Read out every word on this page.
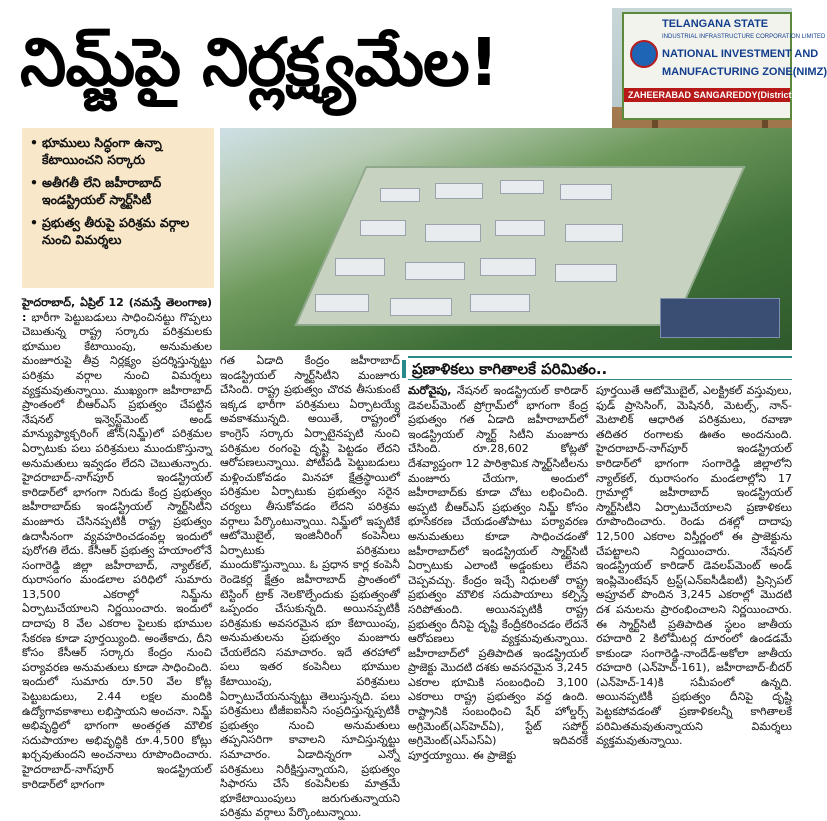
నిమ్జ్‌పై నిర్లక్ష్యమేల!	TELANGANA STATE
INDUSTRIAL INFRASTRUCTURE CORPORATION LIMITED
NATIONAL INVESTMENT AND
MANUFACTURING ZONE(NIMZ)
ZAHEERABAD SANGAREDDY(District)
• భూములు సిద్ధంగా ఉన్నా కేటాయించని సర్కారు
• అతీగతీ లేని జహీరాబాద్ ఇండస్ట్రియల్ స్మార్ట్‌సిటీ
• ప్రభుత్వ తీరుపై పరిశ్రమ వర్గాల నుంచి విమర్శలు
హైదరాబాద్, ఏప్రిల్ 12 (నమస్తే తెలంగాణ) : భారీగా పెట్టుబడులు సాధించినట్టు గొప్పలు చెబుతున్న రాష్ట్ర సర్కారు పరిశ్రమలకు భూముల కేటాయింపు, అనుమతుల మంజూరుపై తీవ్ర నిర్లక్ష్యం ప్రదర్శిస్తున్నట్టు పరిశ్రమ వర్గాల నుంచి విమర్శలు వ్యక్తమవుతున్నాయి. ముఖ్యంగా జహీరాబాద్ ప్రాంతంలో బీఆర్‌ఎస్ ప్రభుత్వం చేపట్టిన నేషనల్ ఇన్వెస్ట్‌మెంట్ అండ్ మాన్యుఫ్యాక్చరింగ్ జోన్(నిమ్జ్)లో పరిశ్రమల ఏర్పాటుకు పలు పరిశ్రమలు ముందుకొస్తున్నా అనుమతులు ఇవ్వడం లేదని చెబుతున్నారు. హైదరాబాద్-నాగ్‌పూర్ ఇండస్ట్రియల్ కారిడార్‌లో భాగంగా నిరుడు కేంద్ర ప్రభుత్వం జహీరాబాద్‌కు ఇండస్ట్రియల్ స్మార్ట్‌సిటీని మంజూరు చేసినప్పటికీ రాష్ట్ర ప్రభుత్వం ఉదాసీనంగా వ్యవహరించడంవల్ల ఇందులో పురోగతి లేదు. కేసీఆర్ ప్రభుత్వ హయాంలోనే సంగారెడ్డి జిల్లా జహీరాబాద్, న్యాల్‌కల్, ఝరాసంగం మండలాల పరిధిలో సుమారు 13,500 ఎకరాల్లో నిమ్జ్‌ను ఏర్పాటుచేయాలని నిర్ణయించారు. ఇందులో దాదాపు 8 వేల ఎకరాల పైలుకు భూముల సేకరణ కూడా పూర్తయ్యింది. అంతేకాదు, దీని కోసం కేసీఆర్ సర్కారు కేంద్రం నుంచి పర్యావరణ అనుమతులు కూడా సాధించింది. ఇందులో సుమారు రూ.50 వేల కోట్ల పెట్టుబడులు, 2.44 లక్షల మందికి ఉద్యోగావకాశాలు లభిస్తాయని అంచనా. నిమ్జ్ అభివృద్ధిలో భాగంగా అంతర్గత మౌలిక సదుపాయాల అభివృద్ధికి రూ.4,500 కోట్లు ఖర్చవుతుందని అంచనాలు రూపొందించారు. హైదరాబాద్-నాగ్‌పూర్ ఇండస్ట్రియల్ కారిడార్‌లో భాగంగా
గత ఏడాది కేంద్రం జహీరాబాద్ ఇండస్ట్రియల్ స్మార్ట్‌సిటీని మంజూరు చేసింది. రాష్ట్ర ప్రభుత్వం చొరవ తీసుకుంటే ఇక్కడ భారీగా పరిశ్రమలు ఏర్పాటయ్యే అవకాశమున్నది. అయితే, రాష్ట్రంలో కాంగ్రెస్ సర్కారు ఏర్పాటైనప్పటి నుంచి పరిశ్రమల రంగంపై దృష్టి పెట్టడం లేదని ఆరోపణలున్నాయి. పోటీపడి పెట్టుబడులు మళ్లించుకోవడం మినహా క్షేత్రస్థాయిలో పరిశ్రమల ఏర్పాటుకు ప్రభుత్వం సరైన చర్యలు తీసుకోవడం లేదని పరిశ్రమ వర్గాలు పేర్కొంటున్నాయి. నిమ్జ్‌లో ఇప్పటికే ఆటోమొబైల్, ఇంజినీరింగ్ కంపెనీలు ఏర్పాటుకు పరిశ్రమలు ముందుకొస్తున్నాయి. ఓ ప్రధాన కార్ల కంపెనీ రెండెకర్ల క్షేత్రం జహీరాబాద్ ప్రాంతంలో టెస్టింగ్ ట్రాక్ నెలకొల్పేందుకు ప్రభుత్వంతో ఒప్పందం చేసుకున్నది. అయినప్పటికీ పరిశ్రమకు అవసరమైన భూ కేటాయింపు, అనుమతులను ప్రభుత్వం మంజూరు చేయలేదని సమాచారం. ఇదే తరహాలో పలు ఇతర కంపెనీలు భూముల కేటాయింపు, పరిశ్రమలు ఏర్పాటుచేయనున్నట్టు తెలుస్తున్నది. పలు పరిశ్రమలు టీజీఐఐసీని సంప్రదిస్తున్నప్పటికీ ప్రభుత్వం నుంచి అనుమతులు తప్పనిసరిగా కావాలని సూచిస్తున్నట్టు సమాచారం. ఏడాదిన్నరగా ఎన్నో పరిశ్రమలు నిరీక్షిస్తున్నాయని, ప్రభుత్వం సిఫారసు చేసే కంపెనీలకు మాత్రమే భూకేటాయింపులు జరుగుతున్నాయని పరిశ్రమ వర్గాలు పేర్కొంటున్నాయి.
ప్రణాళికలు కాగితాలకే పరిమితం..
మరోవైపు, నేషనల్ ఇండస్ట్రియల్ కారిడార్ డెవలప్‌మెంట్ ప్రోగ్రామ్‌లో భాగంగా కేంద్ర ప్రభుత్వం గత ఏడాది జహీరాబాద్‌లో ఇండస్ట్రియల్ స్మార్ట్ సిటీని మంజూరు చేసింది. రూ.28,602 కోట్లతో దేశవ్యాప్తంగా 12 పారిశ్రామిక స్మార్ట్‌సిటీలను మంజూరు చేయగా, అందులో జహీరాబాద్‌కు కూడా చోటు లభించింది. అప్పటి బీఆర్‌ఎస్ ప్రభుత్వం నిమ్జ్ కోసం భూసేకరణ చేయడంతోపాటు పర్యావరణ అనుమతులు కూడా సాధించడంతో జహీరాబాద్‌లో ఇండస్ట్రియల్ స్మార్ట్‌సిటీ ఏర్పాటుకు ఎలాంటి అడ్డంకులు లేవని చెప్పవచ్చు. కేంద్రం ఇచ్చే నిధులతో రాష్ట్ర ప్రభుత్వం మౌలిక సదుపాయాలు కల్పిస్తే సరిపోతుంది. అయినప్పటికీ రాష్ట్ర ప్రభుత్వం దీనిపై దృష్టి కేంద్రీకరించడం లేదనే ఆరోపణలు వ్యక్తమవుతున్నాయి. జహీరాబాద్‌లో ప్రతిపాదిత ఇండస్ట్రియల్ ప్రాజెక్టు మొదటి దశకు అవసరమైన 3,245 ఎకరాల భూమికి సంబంధించి 3,100 ఎకరాలు రాష్ట్ర ప్రభుత్వం వద్ద ఉంది. రాష్ట్రానికి సంబంధించి షేర్ హోల్డర్స్ అగ్రిమెంట్(ఎస్‌హెచ్‌ఏ), స్టేట్ సపోర్ట్ అగ్రిమెంట్(ఎస్‌ఎస్‌ఏ) ఇదివరకే పూర్తయ్యాయి. ఈ ప్రాజెక్టు
పూర్తయితే ఆటోమొబైల్, ఎలక్ట్రికల్ వస్తువులు, ఫుడ్ ప్రాసెసింగ్, మెషినరీ, మెటల్స్, నాన్-మెటాలిక్ ఆధారిత పరిశ్రమలు, రవాణా తదితర రంగాలకు ఊతం అందనుంది. హైదరాబాద్-నాగ్‌పూర్ ఇండస్ట్రియల్ కారిడార్‌లో భాగంగా సంగారెడ్డి జిల్లాలోని న్యాల్‌కల్, ఝరాసంగం మండలాల్లోని 17 గ్రామాల్లో జహీరాబాద్ ఇండస్ట్రియల్ స్మార్ట్‌సిటీని ఏర్పాటుచేయాలని ప్రణాళికలు రూపొందించారు. రెండు దశల్లో దాదాపు 12,500 ఎకరాల విస్తీర్ణంలో ఈ ప్రాజెక్టును చేపట్టాలని నిర్ణయించారు. నేషనల్ ఇండస్ట్రియల్ కారిడార్ డెవలప్‌మెంట్ అండ్ ఇంప్లిమెంటేషన్ ట్రస్ట్(ఎన్‌ఐసీడీఐటీ) ప్రిన్సిపల్ అప్రూవల్ పొందిన 3,245 ఎకరాల్లో మొదటి దశ పనులను ప్రారంభించాలని నిర్ణయించారు. ఈ స్మార్ట్‌సిటీ ప్రతిపాదిత స్థలం జాతీయ రహదారి 2 కిలోమీటర్ల దూరంలో ఉండడమే కాకుండా సంగారెడ్డి-నాందేడ్-అకోలా జాతీయ రహదారి (ఎన్‌హెచ్-161), జహీరాబాద్-బీదర్ (ఎన్‌హెచ్-14)కి సమీపంలో ఉన్నది. అయినప్పటికీ ప్రభుత్వం దీనిపై దృష్టి పెట్టకపోవడంతో ప్రణాళికలన్నీ కాగితాలకే పరిమితమవుతున్నాయని విమర్శలు వ్యక్తమవుతున్నాయి.
